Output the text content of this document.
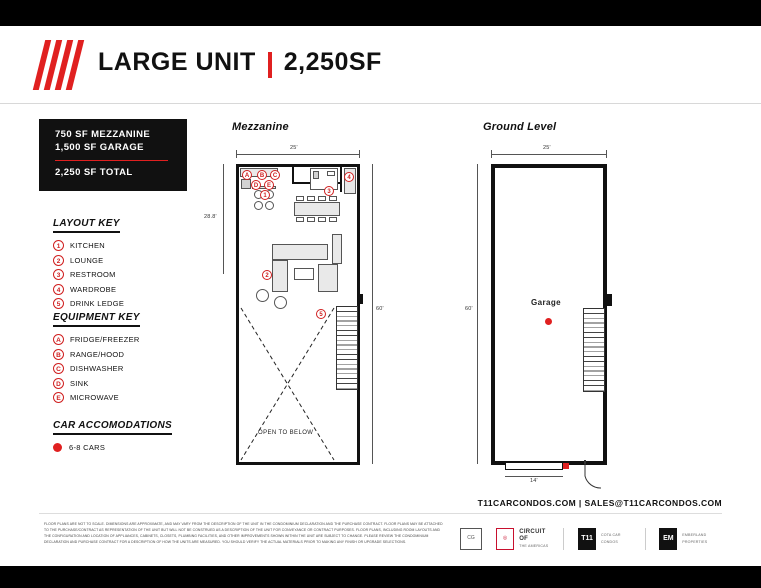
LARGE UNIT 2,250SF
750 SF MEZZANINE
1,500 SF GARAGE
2,250 SF TOTAL
LAYOUT KEY
1	KITCHEN
2	LOUNGE
3	RESTROOM
4	WARDROBE
5	DRINK LEDGE
EQUIPMENT KEY
A	FRIDGE/FREEZER
B	RANGE/HOOD
C	DISHWASHER
D	SINK
E	MICROWAVE
CAR ACCOMODATIONS
6-8 CARS
Mezzanine
25'
28.8'
60'
OPEN TO BELOW
A	B	C
D	E
1
2
3
4
5
Ground Level
25'
60'
14'
Garage
T11CARCONDOS.COM | SALES@T11CARCONDOS.COM
FLOOR PLANS ARE NOT TO SCALE. DIMENSIONS ARE APPROXIMATE, AND MAY VARY FROM THE DESCRIPTION OF THE UNIT IN THE CONDOMINIUM DECLARATION AND THE PURCHASE CONTRACT. FLOOR PLANS MAY BE ATTACHED TO THE PURCHASE/CONTRACT AS REPRESENTATION OF THE UNIT BUT WILL NOT BE CONSTRUED AS A DESCRIPTION OF THE UNIT FOR CONVEYANCE OR CONTRACT PURPOSES. FLOOR PLANS, INCLUDING ROOM LAYOUTS AND THE CONFIGURATION AND LOCATION OF APPLIANCES, CABINETS, CLOSETS, PLUMBING FACILITIES, AND OTHER IMPROVEMENTS SHOWN WITHIN THE UNIT ARE SUBJECT TO CHANGE. PLEASE REVIEW THE CONDOMINIUM DECLARATION AND PURCHASE CONTRACT FOR A DESCRIPTION OF HOW THE UNITS ARE MEASURED. YOU SHOULD VERIFY THE ACTUAL MATERIALS PRIOR TO MAKING ANY FINISH OR UPGRADE SELECTIONS.
CG	◎
CIRCUIT OF
THE AMERICAS
T11
COTA CAR CONDOS	EM
EMBERLAND PROPERTIES
